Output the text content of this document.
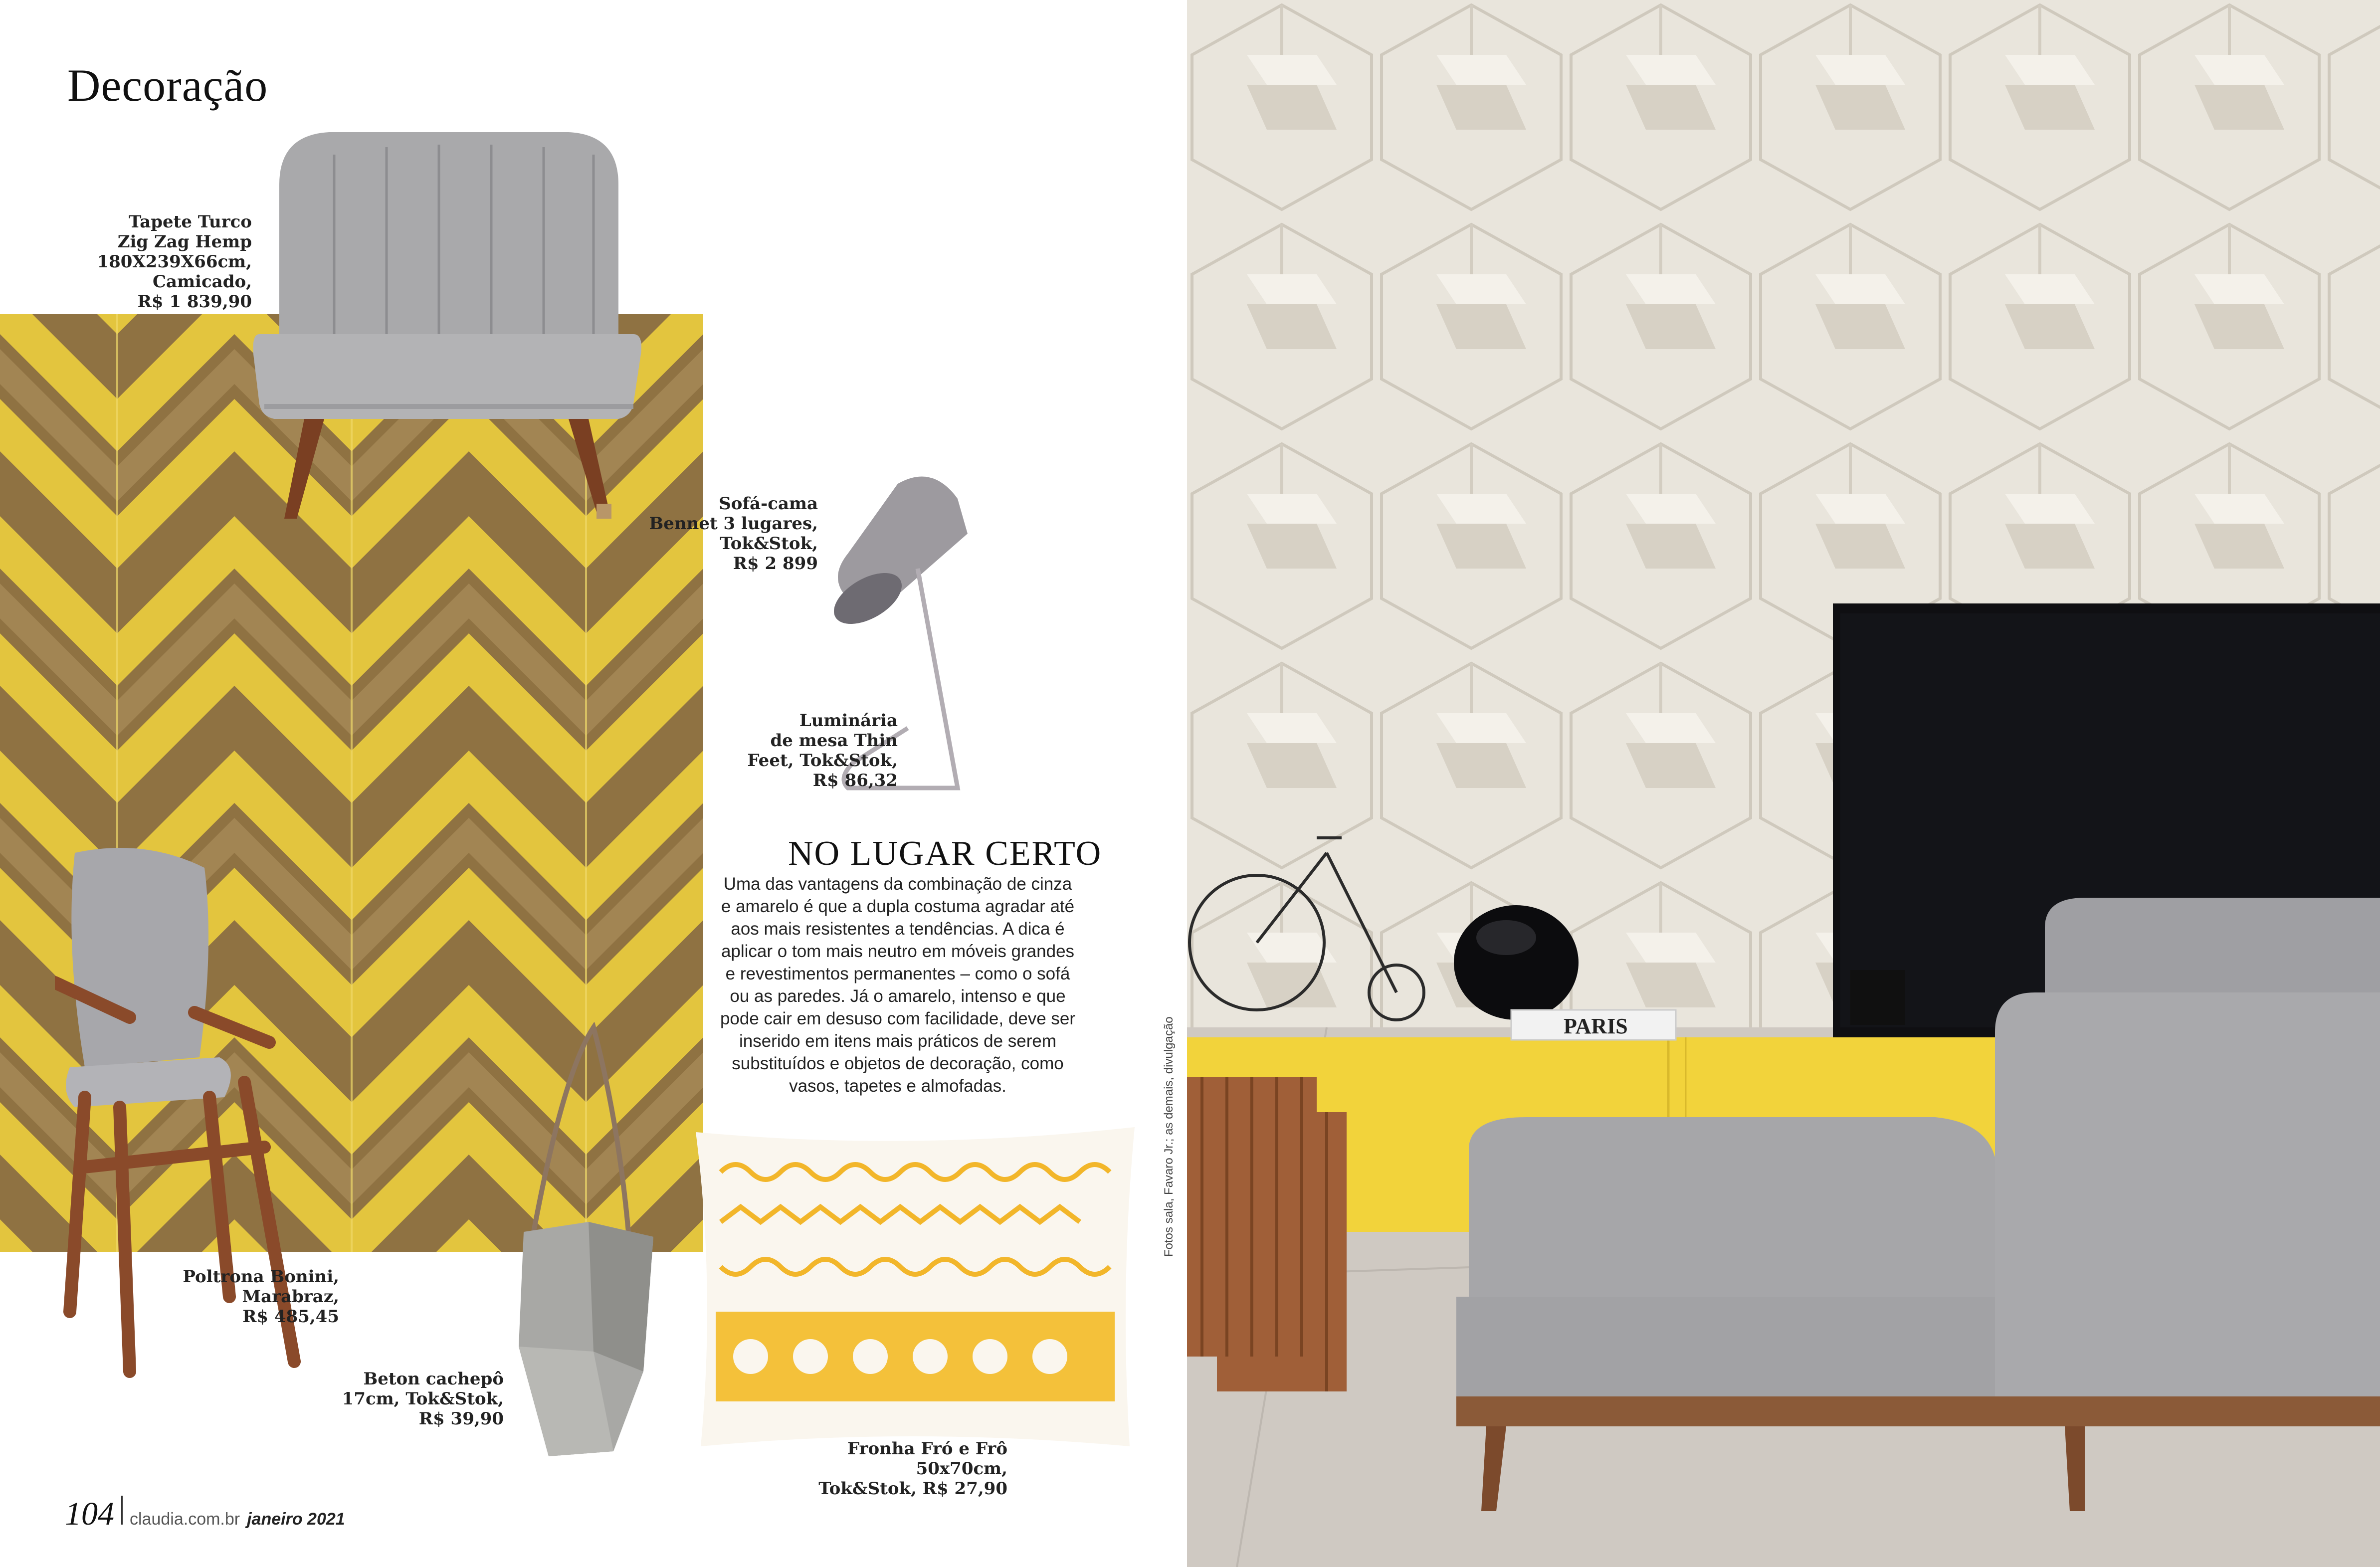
Decoração
Tapete Turco
Zig Zag Hemp
180X239X66cm,
Camicado,
R$ 1 839,90
Sofá-cama
Bennet 3 lugares,
Tok&Stok,
R$ 2 899
Luminária
de mesa Thin
Feet, Tok&Stok,
R$ 86,32
Poltrona Bonini,
Marabraz,
R$ 485,45
Beton cachepô
17cm, Tok&Stok,
R$ 39,90
Fronha Fró e Frô 50x70cm,
Tok&Stok, R$ 27,90
NO LUGAR CERTO
Uma das vantagens da combinação de cinza e amarelo é que a dupla costuma agradar até aos mais resistentes a tendências. A dica é aplicar o tom mais neutro em móveis grandes e revestimentos permanentes – como o sofá ou as paredes. Já o amarelo, intenso e que pode cair em desuso com facilidade, deve ser inserido em itens mais práticos de serem substituídos e objetos de decoração, como vasos, tapetes e almofadas.
104 claudia.com.br janeiro 2021
Fotos sala, Favaro Jr.; as demais, divulgação	PARIS
